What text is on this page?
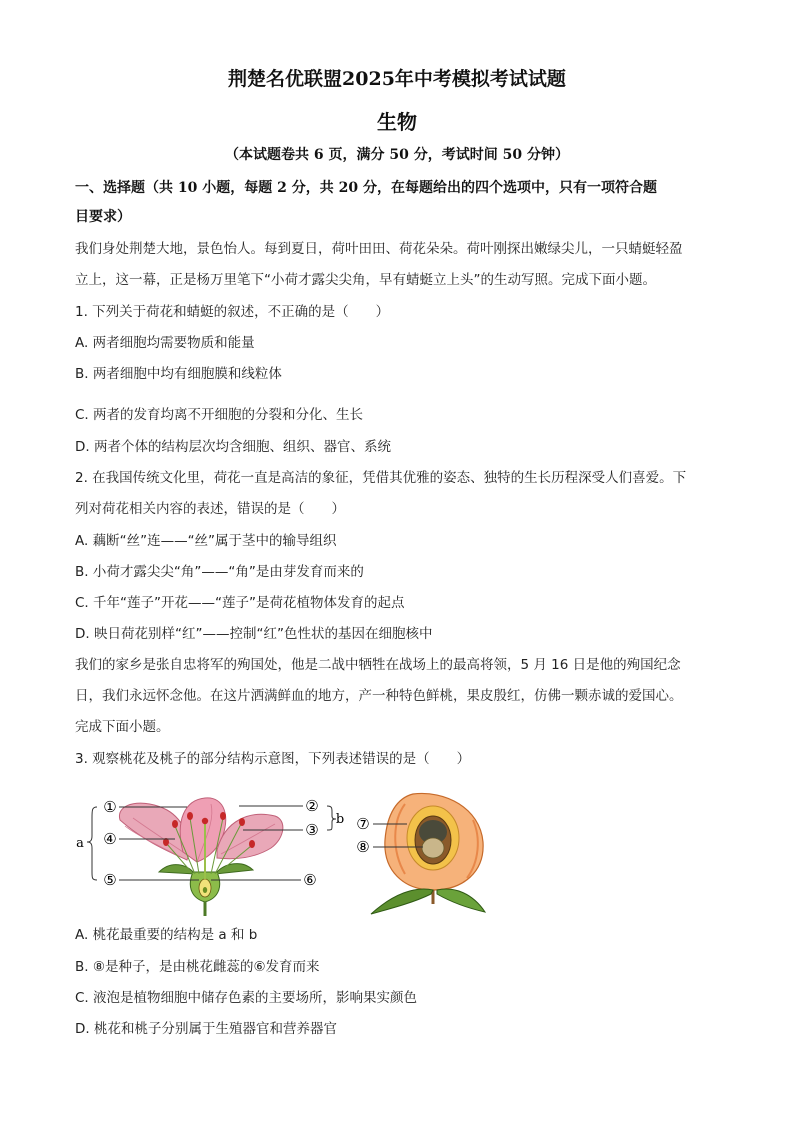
荆楚名优联盟2025年中考模拟考试试题
生物
（本试题卷共 6 页，满分 50 分，考试时间 50 分钟）
一、选择题（共 10 小题，每题 2 分，共 20 分，在每题给出的四个选项中，只有一项符合题
目要求）
我们身处荆楚大地，景色怡人。每到夏日，荷叶田田、荷花朵朵。荷叶刚探出嫩绿尖儿，一只蜻蜓轻盈
立上，这一幕，正是杨万里笔下“小荷才露尖尖角，早有蜻蜓立上头”的生动写照。完成下面小题。
1. 下列关于荷花和蜻蜓的叙述，不正确的是（　　）
A. 两者细胞均需要物质和能量
B. 两者细胞中均有细胞膜和线粒体
C. 两者的发育均离不开细胞的分裂和分化、生长
D. 两者个体的结构层次均含细胞、组织、器官、系统
2. 在我国传统文化里，荷花一直是高洁的象征，凭借其优雅的姿态、独特的生长历程深受人们喜爱。下
列对荷花相关内容的表述，错误的是（　　）
A. 藕断“丝”连——“丝”属于茎中的输导组织
B. 小荷才露尖尖“角”——“角”是由芽发育而来的
C. 千年“莲子”开花——“莲子”是荷花植物体发育的起点
D. 映日荷花别样“红”——控制“红”色性状的基因在细胞核中
我们的家乡是张自忠将军的殉国处，他是二战中牺牲在战场上的最高将领，5 月 16 日是他的殉国纪念
日，我们永远怀念他。在这片洒满鲜血的地方，产一种特色鲜桃，果皮殷红，仿佛一颗赤诚的爱国心。
完成下面小题。
3. 观察桃花及桃子的部分结构示意图，下列表述错误的是（　　）
①
④
⑤
②
③
⑥
a
b ⑦
⑧
A. 桃花最重要的结构是 a 和 b
B. ⑧是种子，是由桃花雌蕊的⑥发育而来
C. 液泡是植物细胞中储存色素的主要场所，影响果实颜色
D. 桃花和桃子分别属于生殖器官和营养器官
